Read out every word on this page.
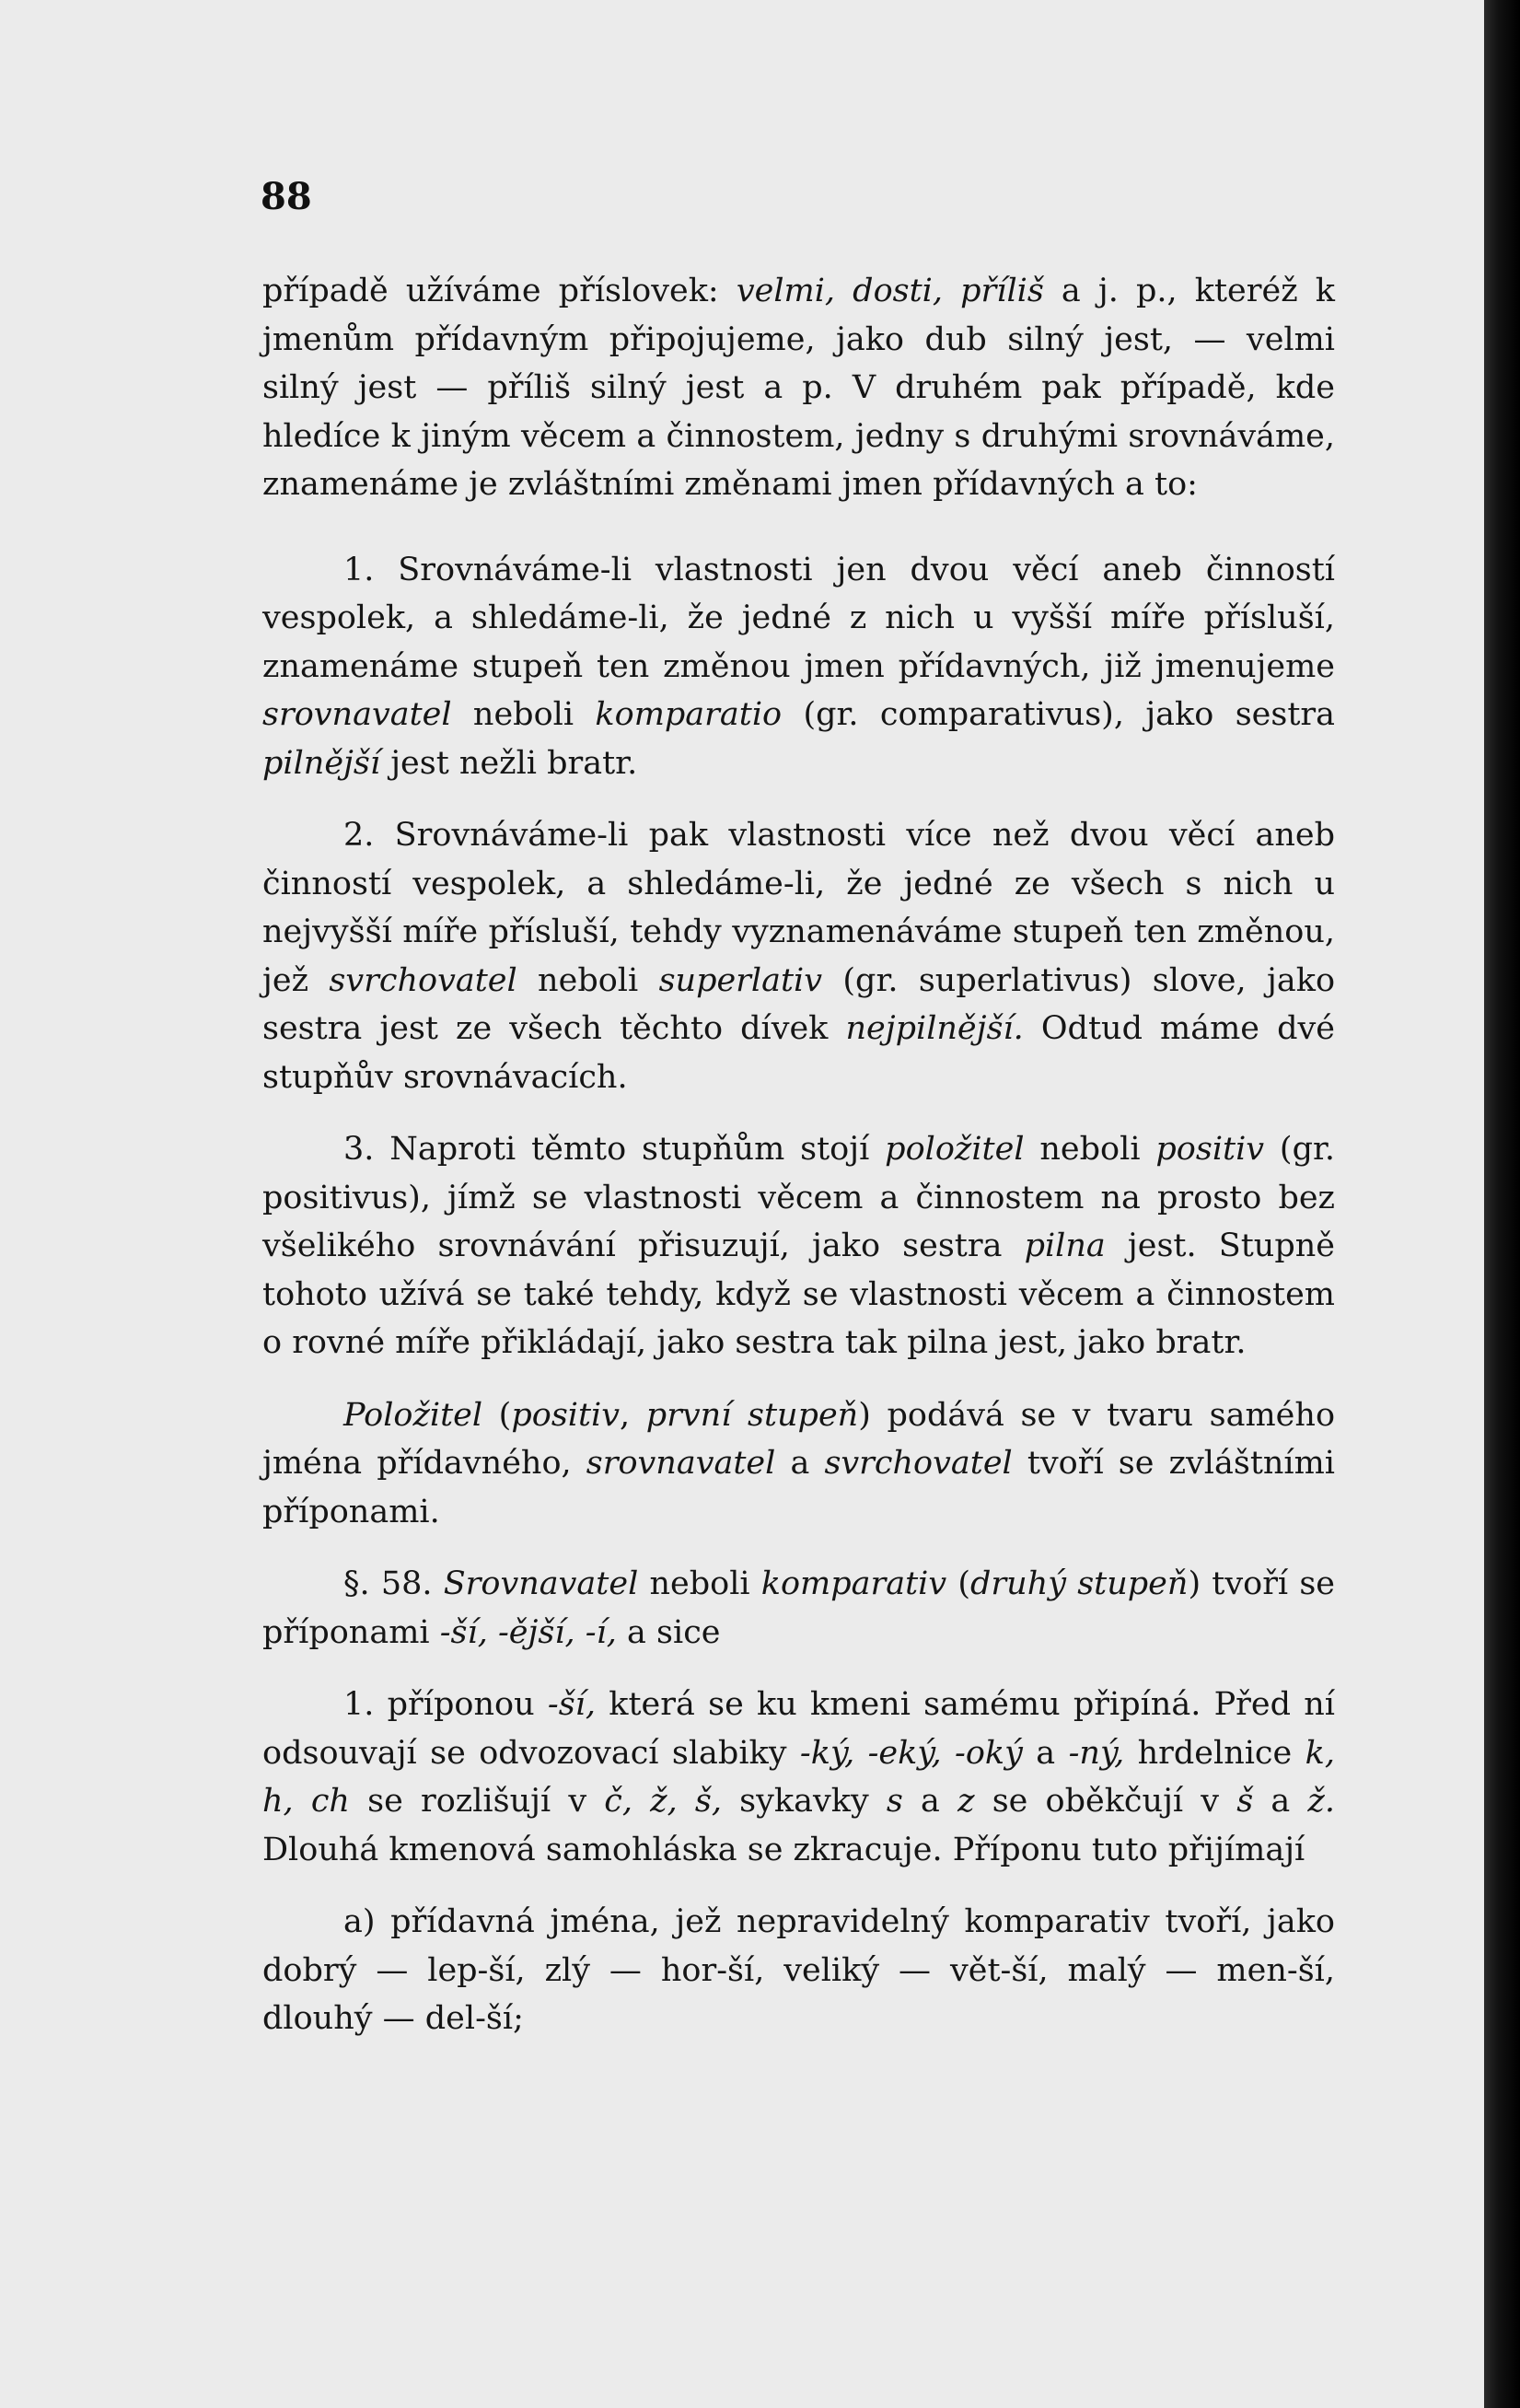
88

případě užíváme příslovek: velmi, dosti, příliš a j. p., kteréž k jmenům přídavným připojujeme, jako dub silný jest, — velmi silný jest — příliš silný jest a p. V druhém pak případě, kde hledíce k jiným věcem a činnostem, jedny s druhými srovnáváme, znamenáme je zvláštními změnami jmen přídavných a to:

1. Srovnáváme-li vlastnosti jen dvou věcí aneb činností vespolek, a shledáme-li, že jedné z nich u vyšší míře přísluší, znamenáme stupeň ten změnou jmen přídavných, již jmenujeme srovnavatel neboli komparatio (gr. comparativus), jako sestra pilnější jest nežli bratr.

2. Srovnáváme-li pak vlastnosti více než dvou věcí aneb činností vespolek, a shledáme-li, že jedné ze všech s nich u nejvyšší míře přísluší, tehdy vyznamenáváme stupeň ten změnou, jež svrchovatel neboli superlativ (gr. superlativus) slove, jako sestra jest ze všech těchto dívek nejpilnější. Odtud máme dvé stupňův srovnávacích.

3. Naproti těmto stupňům stojí položitel neboli positiv (gr. positivus), jímž se vlastnosti věcem a činnostem na prosto bez všelikého srovnávání přisuzují, jako sestra pilna jest. Stupně tohoto užívá se také tehdy, když se vlastnosti věcem a činnostem o rovné míře přikládají, jako sestra tak pilna jest, jako bratr.

Položitel (positiv, první stupeň) podává se v tvaru samého jména přídavného, srovnavatel a svrchovatel tvoří se zvláštními příponami.

§. 58. Srovnavatel neboli komparativ (druhý stupeň) tvoří se příponami -ší, -ější, -í, a sice

1. příponou -ší, která se ku kmeni samému připíná. Před ní odsouvají se odvozovací slabiky -ký, -eký, -oký a -ný, hrdelnice k, h, ch se rozlišují v č, ž, š, sykavky s a z se oběkčují v š a ž. Dlouhá kmenová samohláska se zkracuje. Příponu tuto přijímají

a) přídavná jména, jež nepravidelný komparativ tvoří, jako dobrý — lep-ší, zlý — hor-ší, veliký — vět-ší, malý — men-ší, dlouhý — del-ší;
